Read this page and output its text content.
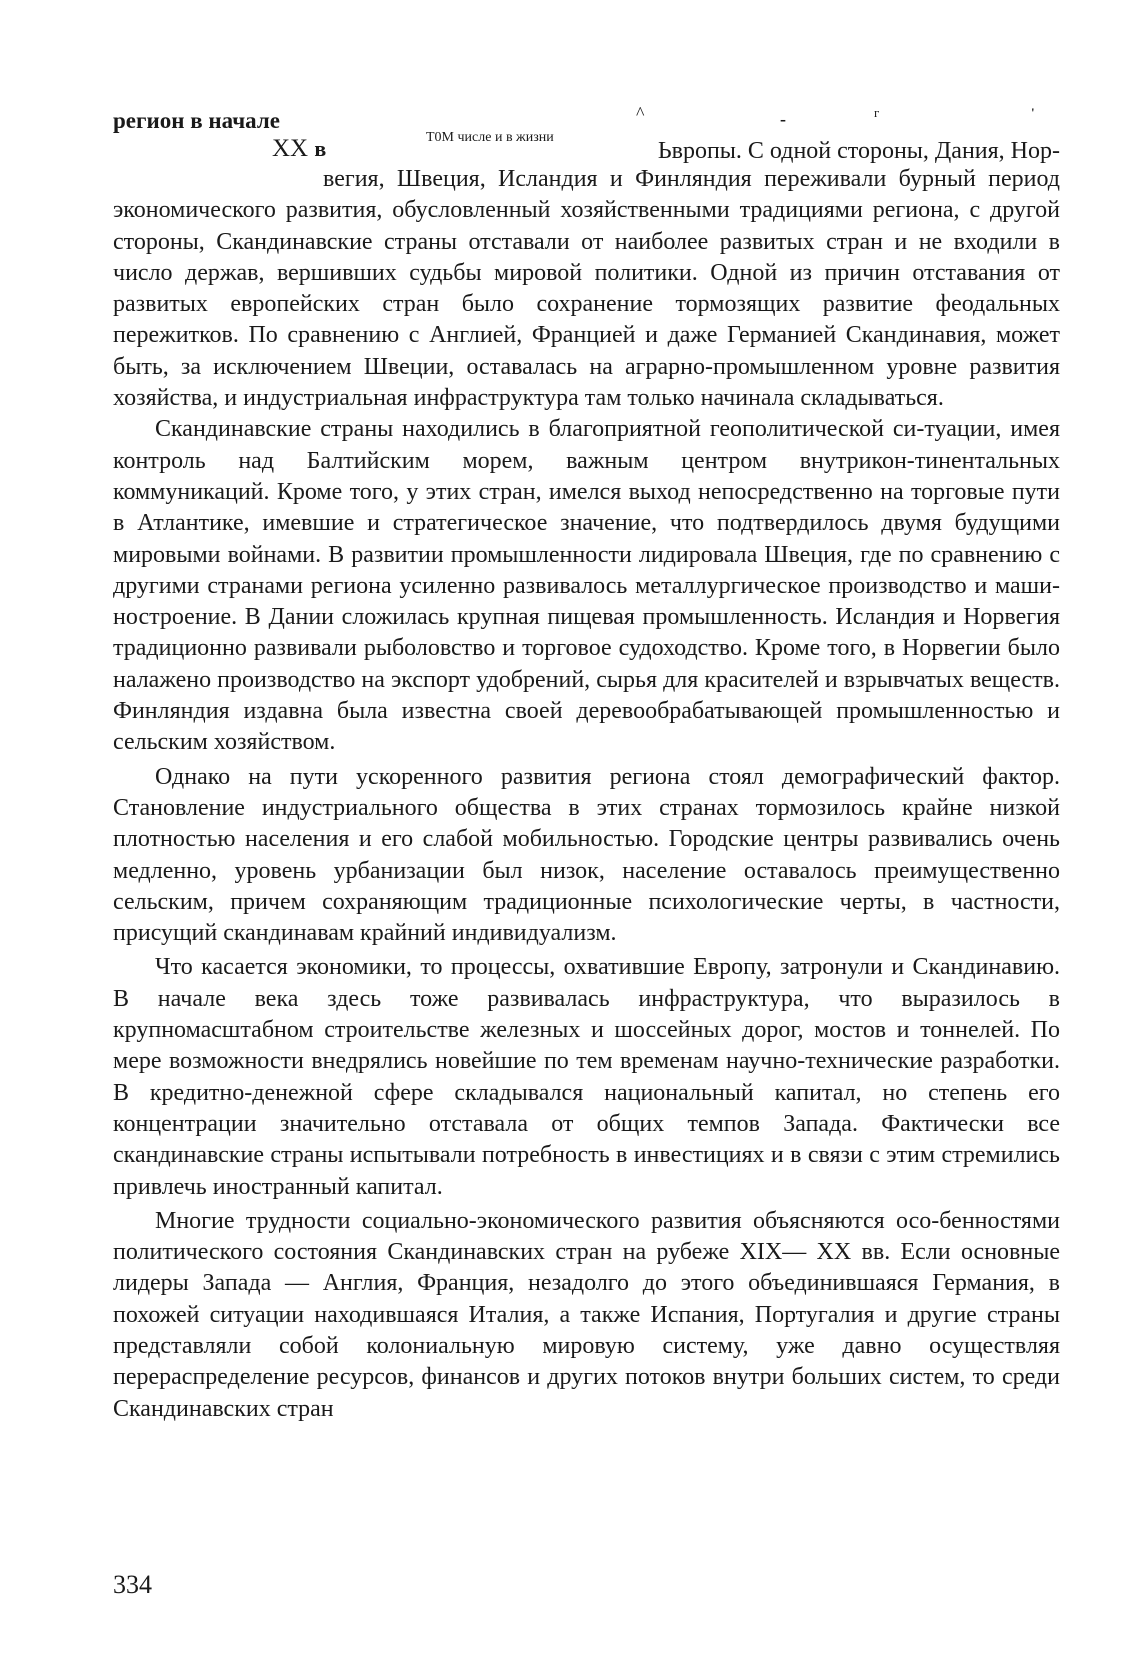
регион в начале
XX в	Т0М числе и в жизни
^	-	г	'
Ьвропы. С одной стороны, Дания, Нор-

вегия, Швеция, Исландия и Финляндия переживали бурный период экономического развития, обусловленный хозяйственными традициями региона, с другой стороны, Скандинавские страны отставали от наиболее развитых стран и не входили в число держав, вершивших судьбы мировой политики. Одной из причин отставания от развитых европейских стран было сохранение тормозящих развитие феодальных пережитков. По сравнению с Англией, Францией и даже Германией Скандинавия, может быть, за исключением Швеции, оставалась на аграрно-промышленном уровне развития хозяйства, и индустриальная инфраструктура там только начинала складываться.

Скандинавские страны находились в благоприятной геополитической си-туации, имея контроль над Балтийским морем, важным центром внутрикон-тинентальных коммуникаций. Кроме того, у этих стран, имелся выход непосредственно на торговые пути в Атлантике, имевшие и стратегическое значение, что подтвердилось двумя будущими мировыми войнами. В развитии промышленности лидировала Швеция, где по сравнению с другими странами региона усиленно развивалось металлургическое производство и маши-ностроение. В Дании сложилась крупная пищевая промышленность. Исландия и Норвегия традиционно развивали рыболовство и торговое судоходство. Кроме того, в Норвегии было налажено производство на экспорт удобрений, сырья для красителей и взрывчатых веществ. Финляндия издавна была известна своей деревообрабатывающей промышленностью и сельским хозяйством.

Однако на пути ускоренного развития региона стоял демографический фактор. Становление индустриального общества в этих странах тормозилось крайне низкой плотностью населения и его слабой мобильностью. Городские центры развивались очень медленно, уровень урбанизации был низок, население оставалось преимущественно сельским, причем сохраняющим традиционные психологические черты, в частности, присущий скандинавам крайний индивидуализм.

Что касается экономики, то процессы, охватившие Европу, затронули и Скандинавию. В начале века здесь тоже развивалась инфраструктура, что выразилось в крупномасштабном строительстве железных и шоссейных дорог, мостов и тоннелей. По мере возможности внедрялись новейшие по тем временам научно-технические разработки. В кредитно-денежной сфере складывался национальный капитал, но степень его концентрации значительно отставала от общих темпов Запада. Фактически все скандинавские страны испытывали потребность в инвестициях и в связи с этим стремились привлечь иностранный капитал.

Многие трудности социально-экономического развития объясняются осо-бенностями политического состояния Скандинавских стран на рубеже XIX— XX вв. Если основные лидеры Запада — Англия, Франция, незадолго до этого объединившаяся Германия, в похожей ситуации находившаяся Италия, а также Испания, Португалия и другие страны представляли собой колониальную мировую систему, уже давно осуществляя перераспределение ресурсов, финансов и других потоков внутри больших систем, то среди Скандинавских стран

334
